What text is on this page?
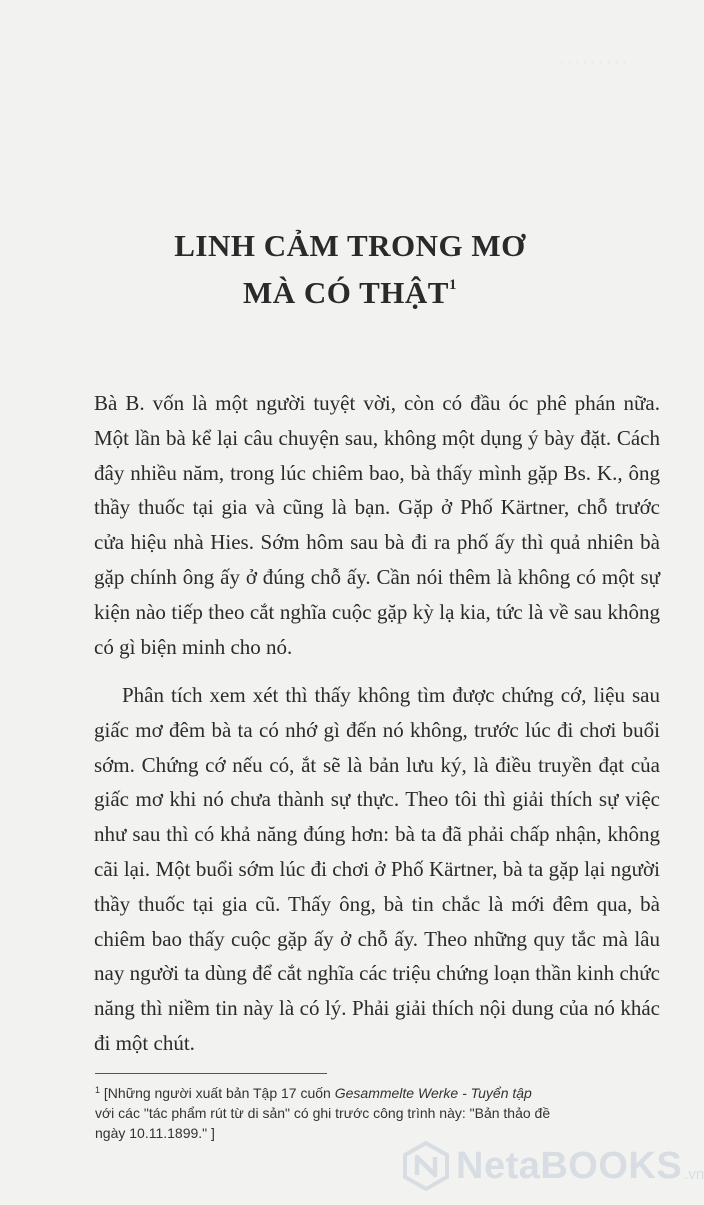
· · · · · · · · ·
LINH CẢM TRONG MƠ
MÀ CÓ THẬT$^1$

Bà B. vốn là một người tuyệt vời, còn có đầu óc phê phán nữa. Một lần bà kể lại câu chuyện sau, không một dụng ý bày đặt. Cách đây nhiều năm, trong lúc chiêm bao, bà thấy mình gặp Bs. K., ông thầy thuốc tại gia và cũng là bạn. Gặp ở Phố Kärtner, chỗ trước cửa hiệu nhà Hies. Sớm hôm sau bà đi ra phố ấy thì quả nhiên bà gặp chính ông ấy ở đúng chỗ ấy. Cần nói thêm là không có một sự kiện nào tiếp theo cắt nghĩa cuộc gặp kỳ lạ kia, tức là về sau không có gì biện minh cho nó.

Phân tích xem xét thì thấy không tìm được chứng cớ, liệu sau giấc mơ đêm bà ta có nhớ gì đến nó không, trước lúc đi chơi buổi sớm. Chứng cớ nếu có, ắt sẽ là bản lưu ký, là điều truyền đạt của giấc mơ khi nó chưa thành sự thực. Theo tôi thì giải thích sự việc như sau thì có khả năng đúng hơn: bà ta đã phải chấp nhận, không cãi lại. Một buổi sớm lúc đi chơi ở Phố Kärtner, bà ta gặp lại người thầy thuốc tại gia cũ. Thấy ông, bà tin chắc là mới đêm qua, bà chiêm bao thấy cuộc gặp ấy ở chỗ ấy. Theo những quy tắc mà lâu nay người ta dùng để cắt nghĩa các triệu chứng loạn thần kinh chức năng thì niềm tin này là có lý. Phải giải thích nội dung của nó khác đi một chút.

$^1$ [Những người xuất bản Tập 17 cuốn Gesammelte Werke - Tuyển tập với các "tác phẩm rút từ di sản" có ghi trước công trình này: "Bản thảo đề ngày 10.11.1899." ]

NetaBOOKS .vn
